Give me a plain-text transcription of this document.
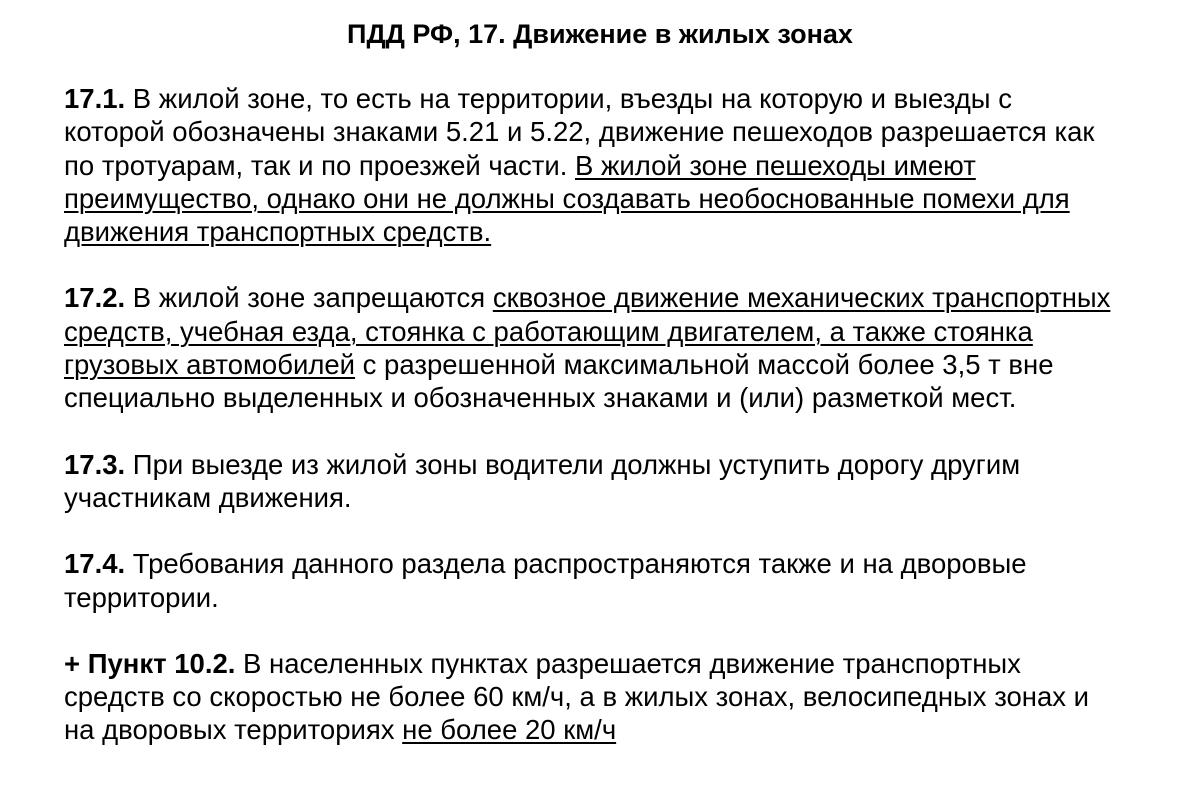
ПДД РФ, 17. Движение в жилых зонах

17.1. В жилой зоне, то есть на территории, въезды на которую и выезды с которой обозначены знаками 5.21 и 5.22, движение пешеходов разрешается как по тротуарам, так и по проезжей части. В жилой зоне пешеходы имеют преимущество, однако они не должны создавать необоснованные помехи для движения транспортных средств.

17.2. В жилой зоне запрещаются сквозное движение механических транспортных средств, учебная езда, стоянка с работающим двигателем, а также стоянка грузовых автомобилей с разрешенной максимальной массой более 3,5 т вне специально выделенных и обозначенных знаками и (или) разметкой мест.

17.3. При выезде из жилой зоны водители должны уступить дорогу другим участникам движения.

17.4. Требования данного раздела распространяются также и на дворовые территории.

+ Пункт 10.2. В населенных пунктах разрешается движение транспортных средств со скоростью не более 60 км/ч, а в жилых зонах, велосипедных зонах и на дворовых территориях не более 20 км/ч
